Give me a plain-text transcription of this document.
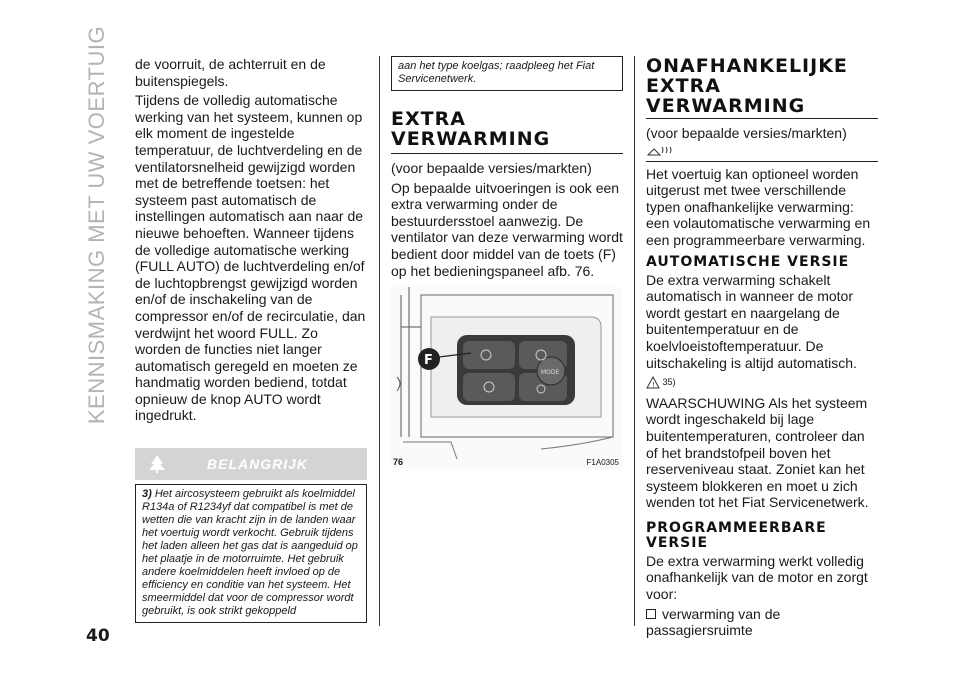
KENNISMAKING MET UW VOERTUIG de voorruit, de achterruit en de buitenspiegels.

Tijdens de volledig automatische werking van het systeem, kunnen op elk moment de ingestelde temperatuur, de luchtverdeling en de ventilatorsnelheid gewijzigd worden met de betreffende toetsen: het systeem past automatisch de instellingen automatisch aan naar de nieuwe behoeften. Wanneer tijdens de volledige automatische werking (FULL AUTO) de luchtverdeling en/of de luchtopbrengst gewijzigd worden en/of de inschakeling van de compressor en/of de recirculatie, dan verdwijnt het woord FULL. Zo worden de functies niet langer automatisch geregeld en moeten ze handmatig worden bediend, totdat opnieuw de knop AUTO wordt ingedrukt.

BELANGRIJK

3) Het aircosysteem gebruikt als koelmiddel R134a of R1234yf dat compatibel is met de wetten die van kracht zijn in de landen waar het voertuig wordt verkocht. Gebruik tijdens het laden alleen het gas dat is aangeduid op het plaatje in de motorruimte. Het gebruik andere koelmiddelen heeft invloed op de efficiency en conditie van het systeem. Het smeermiddel dat voor de compressor wordt gebruikt, is ook strikt gekoppeld

aan het type koelgas; raadpleeg het Fiat Servicenetwerk.

EXTRA VERWARMING

(voor bepaalde versies/markten)

Op bepaalde uitvoeringen is ook een extra verwarming onder de bestuurdersstoel aanwezig. De ventilator van deze verwarming wordt bedient door middel van de toets (F) op het bedieningspaneel afb. 76.

MODE
F
76	F1A0305
ONAFHANKELIJKE EXTRA VERWARMING

(voor bepaalde versies/markten)

Het voertuig kan optioneel worden uitgerust met twee verschillende typen onafhankelijke verwarming: een volautomatische verwarming en een programmeerbare verwarming.

AUTOMATISCHE VERSIE

De extra verwarming schakelt automatisch in wanneer de motor wordt gestart en naargelang de buitentemperatuur en de koelvloeistoftemperatuur. De uitschakeling is altijd automatisch.

! 35)

WAARSCHUWING Als het systeem wordt ingeschakeld bij lage buitentemperaturen, controleer dan of het brandstofpeil boven het reserveniveau staat. Zoniet kan het systeem blokkeren en moet u zich wenden tot het Fiat Servicenetwerk.

PROGRAMMEERBARE VERSIE

De extra verwarming werkt volledig onafhankelijk van de motor en zorgt voor:

verwarming van de passagiersruimte

40
